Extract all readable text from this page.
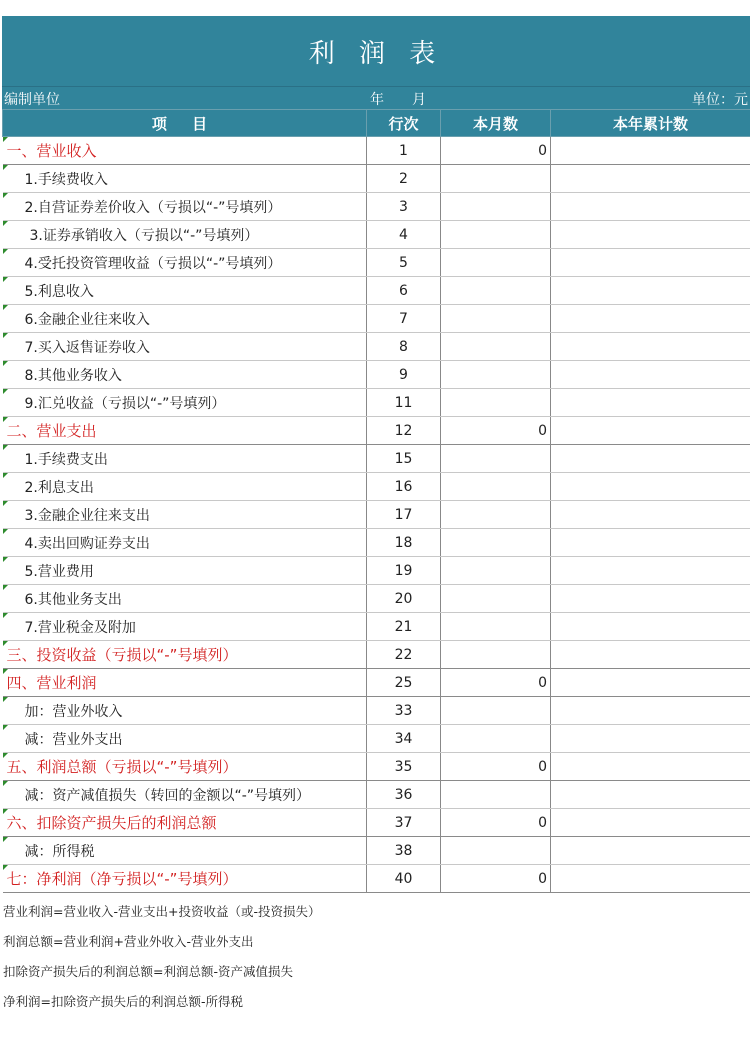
利 润 表
编制单位	年 月	单位：元
项 目	行次	本月数	本年累计数
一、营业收入	1	0	
1.手续费收入	2		
2.自营证券差价收入（亏损以“-”号填列）	3		
3.证券承销收入（亏损以“-”号填列）	4		
4.受托投资管理收益（亏损以“-”号填列）	5		
5.利息收入	6		
6.金融企业往来收入	7		
7.买入返售证券收入	8		
8.其他业务收入	9		
9.汇兑收益（亏损以“-”号填列）	11		
二、营业支出	12	0	
1.手续费支出	15		
2.利息支出	16		
3.金融企业往来支出	17		
4.卖出回购证券支出	18		
5.营业费用	19		
6.其他业务支出	20		
7.营业税金及附加	21		
三、投资收益（亏损以“-”号填列）	22		
四、营业利润	25	0	
加：营业外收入	33		
减：营业外支出	34		
五、利润总额（亏损以“-”号填列）	35	0	
减：资产减值损失（转回的金额以“-”号填列）	36		
六、扣除资产损失后的利润总额	37	0	
减：所得税	38		
七：净利润（净亏损以“-”号填列）	40	0	
营业利润=营业收入-营业支出+投资收益（或-投资损失）
利润总额=营业利润+营业外收入-营业外支出
扣除资产损失后的利润总额=利润总额-资产减值损失
净利润=扣除资产损失后的利润总额-所得税
